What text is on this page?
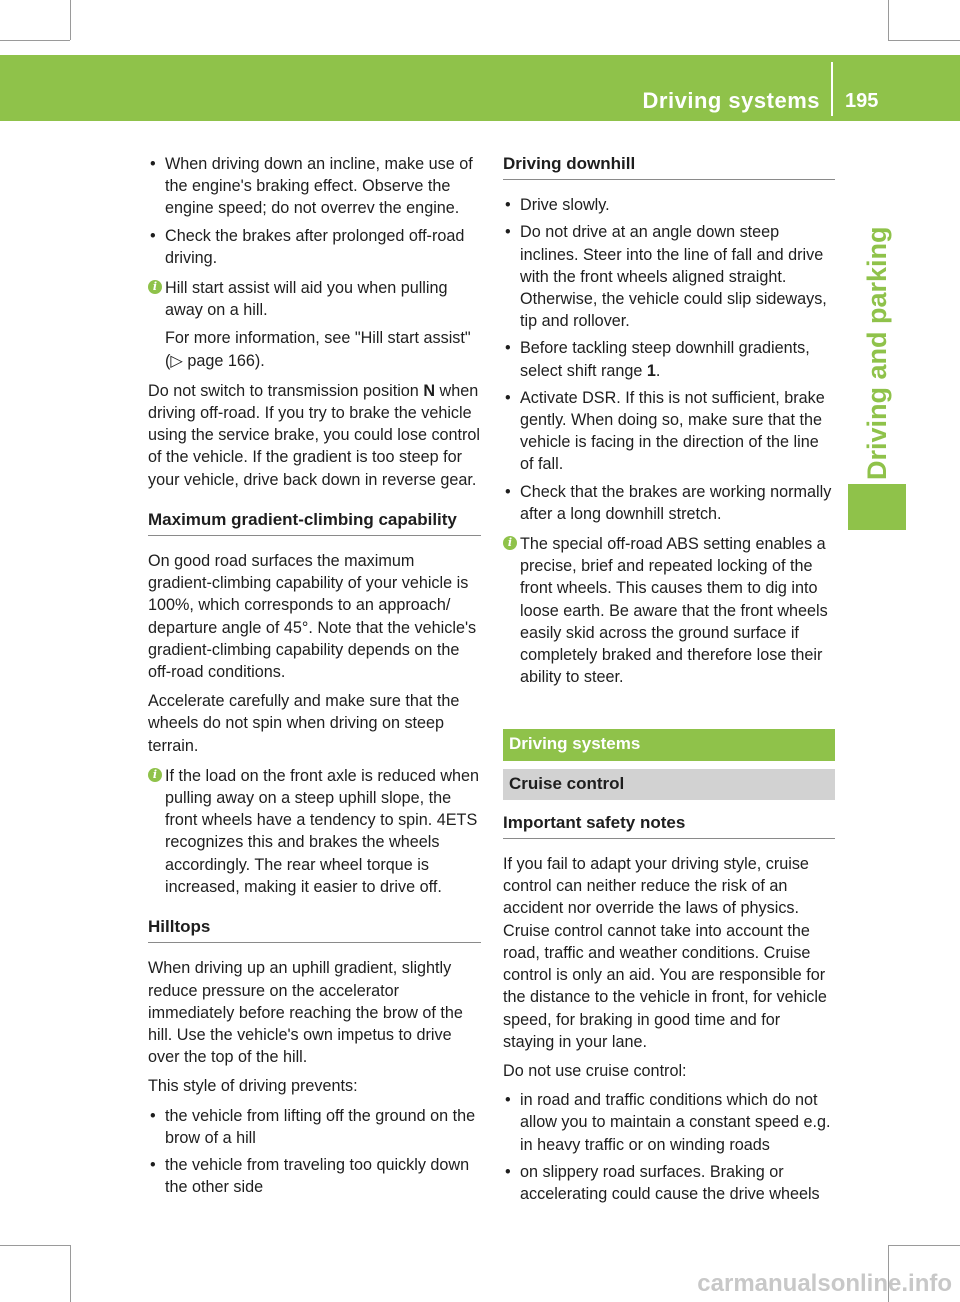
Driving systems 195
Driving and parking
• When driving down an incline, make use of the engine's braking effect. Observe the engine speed; do not overrev the engine.
• Check the brakes after prolonged off-road driving.
i Hill start assist will aid you when pulling away on a hill.
For more information, see "Hill start assist" (▷ page 166).

Do not switch to transmission position N when driving off-road. If you try to brake the vehicle using the service brake, you could lose control of the vehicle. If the gradient is too steep for your vehicle, drive back down in reverse gear.

Maximum gradient-climbing capability

On good road surfaces the maximum gradient-climbing capability of your vehicle is 100%, which corresponds to an approach/ departure angle of 45°. Note that the vehicle's gradient-climbing capability depends on the off-road conditions.

Accelerate carefully and make sure that the wheels do not spin when driving on steep terrain.

i If the load on the front axle is reduced when pulling away on a steep uphill slope, the front wheels have a tendency to spin. 4ETS recognizes this and brakes the wheels accordingly. The rear wheel torque is increased, making it easier to drive off.
Hilltops

When driving up an uphill gradient, slightly reduce pressure on the accelerator immediately before reaching the brow of the hill. Use the vehicle's own impetus to drive over the top of the hill.

This style of driving prevents:

• the vehicle from lifting off the ground on the brow of a hill
• the vehicle from traveling too quickly down the other side
Driving downhill
• Drive slowly.
• Do not drive at an angle down steep inclines. Steer into the line of fall and drive with the front wheels aligned straight. Otherwise, the vehicle could slip sideways, tip and rollover.
• Before tackling steep downhill gradients, select shift range 1.
• Activate DSR. If this is not sufficient, brake gently. When doing so, make sure that the vehicle is facing in the direction of the line of fall.
• Check that the brakes are working normally after a long downhill stretch.
i The special off-road ABS setting enables a precise, brief and repeated locking of the front wheels. This causes them to dig into loose earth. Be aware that the front wheels easily skid across the ground surface if completely braked and therefore lose their ability to steer.
Driving systems
Cruise control
Important safety notes

If you fail to adapt your driving style, cruise control can neither reduce the risk of an accident nor override the laws of physics. Cruise control cannot take into account the road, traffic and weather conditions. Cruise control is only an aid. You are responsible for the distance to the vehicle in front, for vehicle speed, for braking in good time and for staying in your lane.

Do not use cruise control:

• in road and traffic conditions which do not allow you to maintain a constant speed e.g. in heavy traffic or on winding roads
• on slippery road surfaces. Braking or accelerating could cause the drive wheels
carmanualsonline.info
